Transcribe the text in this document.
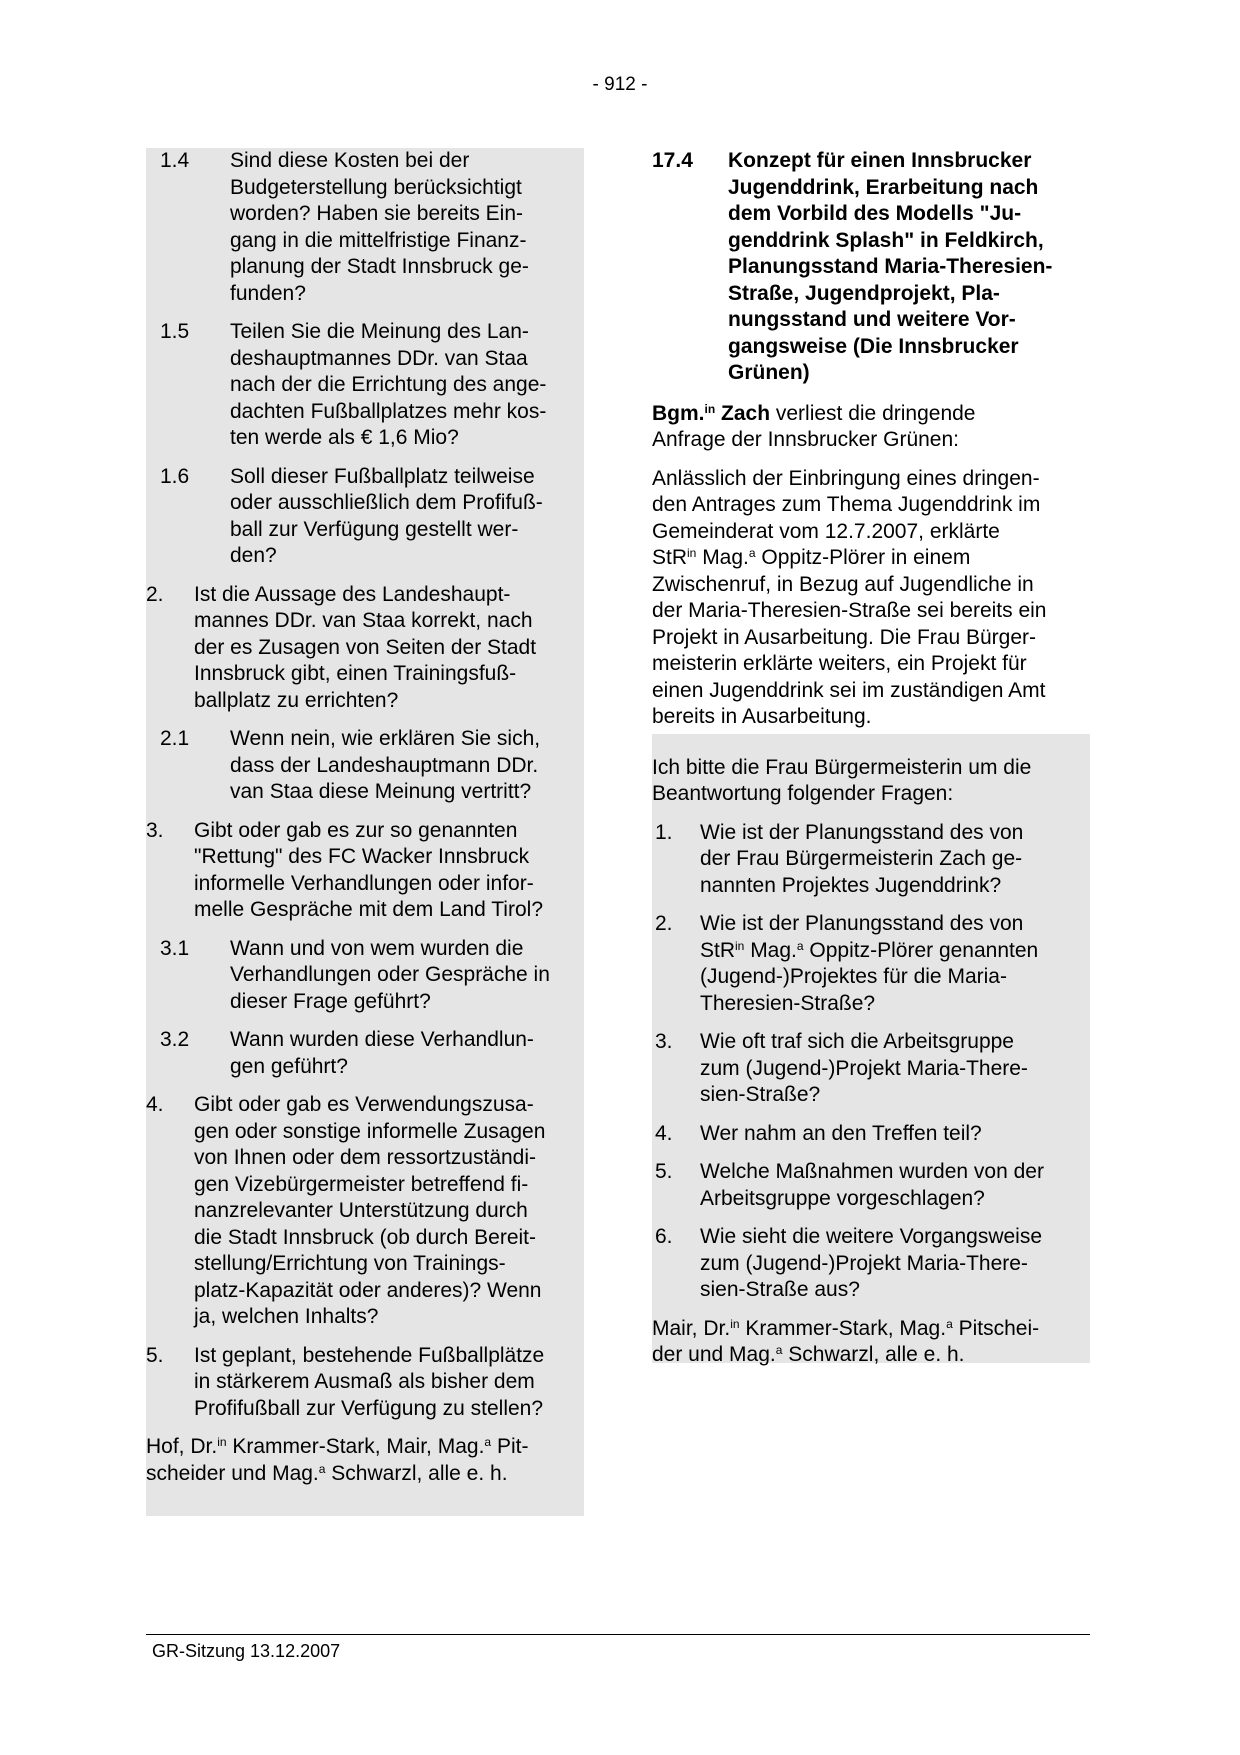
- 912 -
1.4 Sind diese Kosten bei der
Budgeterstellung berücksichtigt
worden? Haben sie bereits Ein-
gang in die mittelfristige Finanz-
planung der Stadt Innsbruck ge-
funden?
1.5 Teilen Sie die Meinung des Lan-
deshauptmannes DDr. van Staa
nach der die Errichtung des ange-
dachten Fußballplatzes mehr kos-
ten werde als € 1,6 Mio?
1.6 Soll dieser Fußballplatz teilweise
oder ausschließlich dem Profifuß-
ball zur Verfügung gestellt wer-
den?
2. Ist die Aussage des Landeshaupt-
mannes DDr. van Staa korrekt, nach
der es Zusagen von Seiten der Stadt
Innsbruck gibt, einen Trainingsfuß-
ballplatz zu errichten?
2.1 Wenn nein, wie erklären Sie sich,
dass der Landeshauptmann DDr.
van Staa diese Meinung vertritt?
3. Gibt oder gab es zur so genannten
"Rettung" des FC Wacker Innsbruck
informelle Verhandlungen oder infor-
melle Gespräche mit dem Land Tirol?
3.1 Wann und von wem wurden die
Verhandlungen oder Gespräche in
dieser Frage geführt?
3.2 Wann wurden diese Verhandlun-
gen geführt?
4. Gibt oder gab es Verwendungszusa-
gen oder sonstige informelle Zusagen
von Ihnen oder dem ressortzuständi-
gen Vizebürgermeister betreffend fi-
nanzrelevanter Unterstützung durch
die Stadt Innsbruck (ob durch Bereit-
stellung/Errichtung von Trainings-
platz-Kapazität oder anderes)? Wenn
ja, welchen Inhalts?
5. Ist geplant, bestehende Fußballplätze
in stärkerem Ausmaß als bisher dem
Profifußball zur Verfügung zu stellen?
Hof, Dr.$^{in}$ Krammer-Stark, Mair, Mag.$^a$ Pit-
scheider und Mag.$^a$ Schwarzl, alle e. h.
17.4 Konzept für einen Innsbrucker
Jugenddrink, Erarbeitung nach
dem Vorbild des Modells "Ju-
genddrink Splash" in Feldkirch,
Planungsstand Maria-Theresien-
Straße, Jugendprojekt, Pla-
nungsstand und weitere Vor-
gangsweise (Die Innsbrucker
Grünen)
Bgm.$^{in}$ Zach verliest die dringende
Anfrage der Innsbrucker Grünen:
Anlässlich der Einbringung eines dringen-
den Antrages zum Thema Jugenddrink im
Gemeinderat vom 12.7.2007, erklärte
StR$^{in}$ Mag.$^a$ Oppitz-Plörer in einem
Zwischenruf, in Bezug auf Jugendliche in
der Maria-Theresien-Straße sei bereits ein
Projekt in Ausarbeitung. Die Frau Bürger-
meisterin erklärte weiters, ein Projekt für
einen Jugenddrink sei im zuständigen Amt
bereits in Ausarbeitung.
Ich bitte die Frau Bürgermeisterin um die
Beantwortung folgender Fragen:
1. Wie ist der Planungsstand des von
der Frau Bürgermeisterin Zach ge-
nannten Projektes Jugenddrink?
2. Wie ist der Planungsstand des von
StR$^{in}$ Mag.$^a$ Oppitz-Plörer genannten
(Jugend-)Projektes für die Maria-
Theresien-Straße?
3. Wie oft traf sich die Arbeitsgruppe
zum (Jugend-)Projekt Maria-There-
sien-Straße?
4. Wer nahm an den Treffen teil?
5. Welche Maßnahmen wurden von der
Arbeitsgruppe vorgeschlagen?
6. Wie sieht die weitere Vorgangsweise
zum (Jugend-)Projekt Maria-There-
sien-Straße aus?
Mair, Dr.$^{in}$ Krammer-Stark, Mag.$^a$ Pitschei-
der und Mag.$^a$ Schwarzl, alle e. h.
GR-Sitzung 13.12.2007
